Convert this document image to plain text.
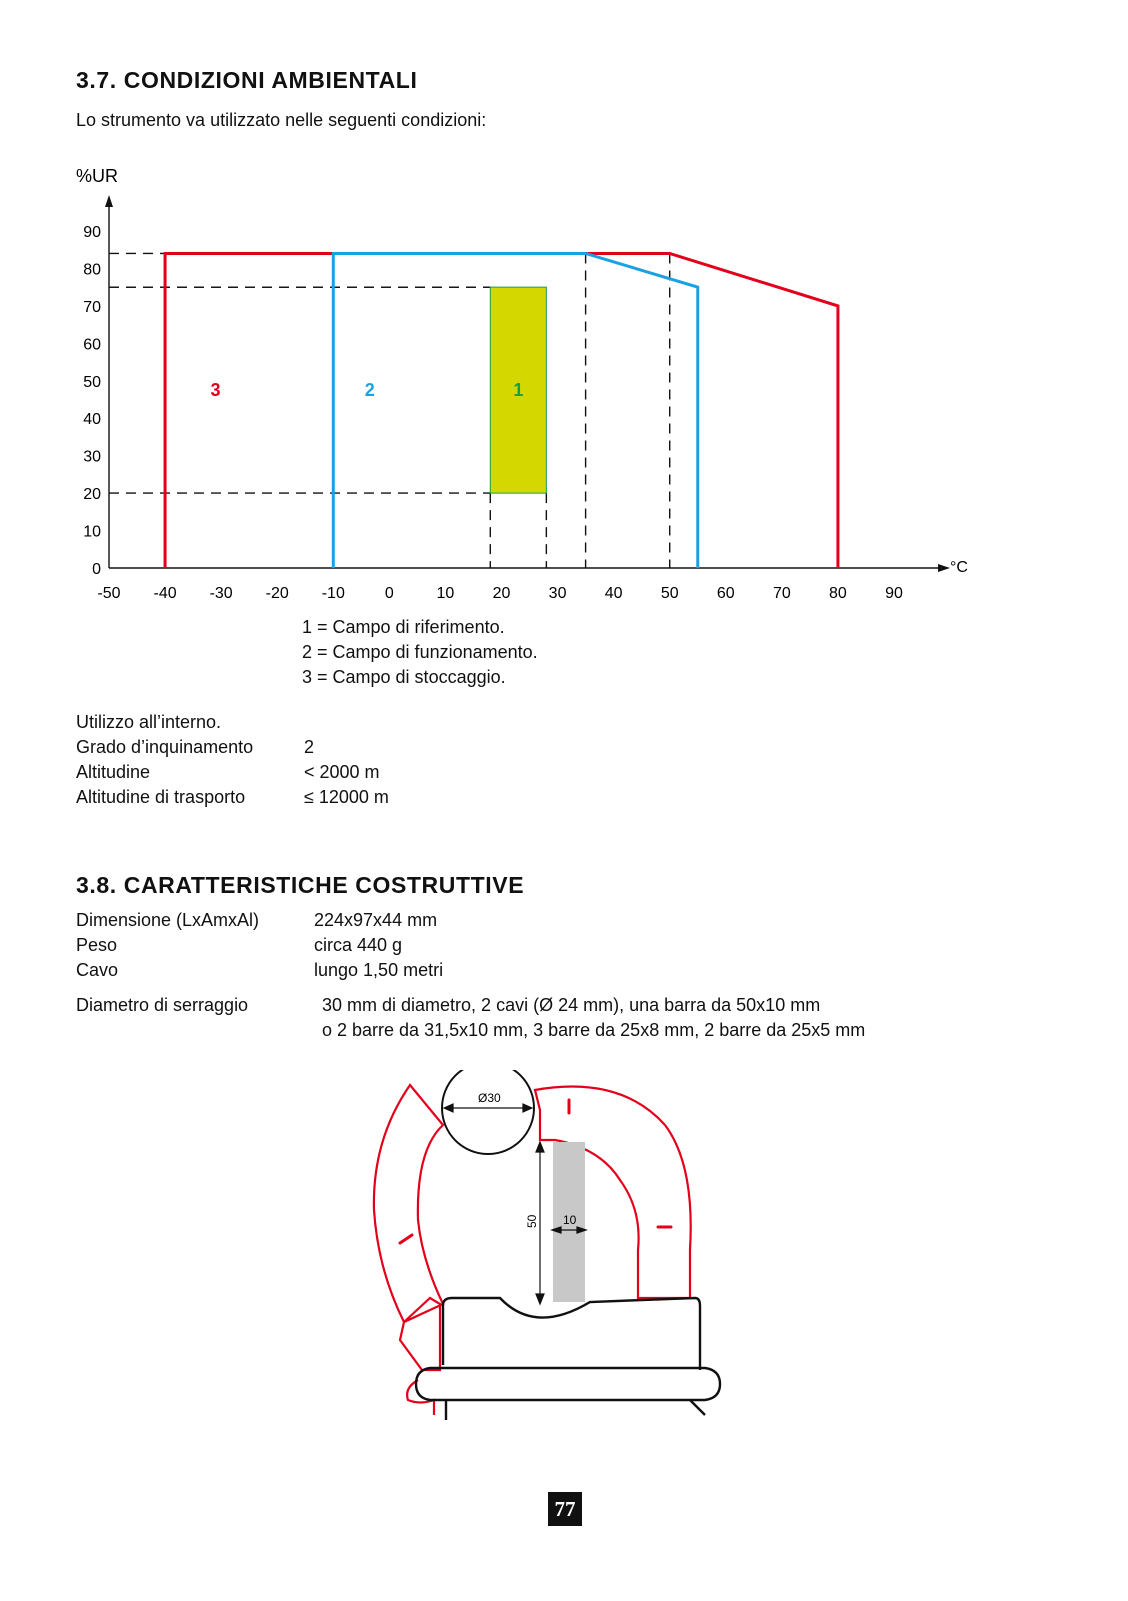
3.7. CONDIZIONI AMBIENTALI
Lo strumento va utilizzato nelle seguenti condizioni:
%UR
°C
0
10
20
30
40
50
60
70
80
90
-50 -40 -30 -20 -10	0	10 20 30 40 50 60 70 80 90
3	2	1
1 = Campo di riferimento.
2 = Campo di funzionamento.
3 = Campo di stoccaggio.
Utilizzo all’interno.
Grado d’inquinamento	2
Altitudine	< 2000 m
Altitudine di trasporto	≤ 12000 m
3.8. CARATTERISTICHE COSTRUTTIVE
Dimensione (LxAmxAl)	224x97x44 mm
Peso	circa 440 g
Cavo	lungo 1,50 metri
Diametro di serraggio	30 mm di diametro, 2 cavi (Ø 24 mm), una barra da 50x10 mm
o 2 barre da 31,5x10 mm, 3 barre da 25x8 mm, 2 barre da 25x5 mm
Ø30
50 10
77
